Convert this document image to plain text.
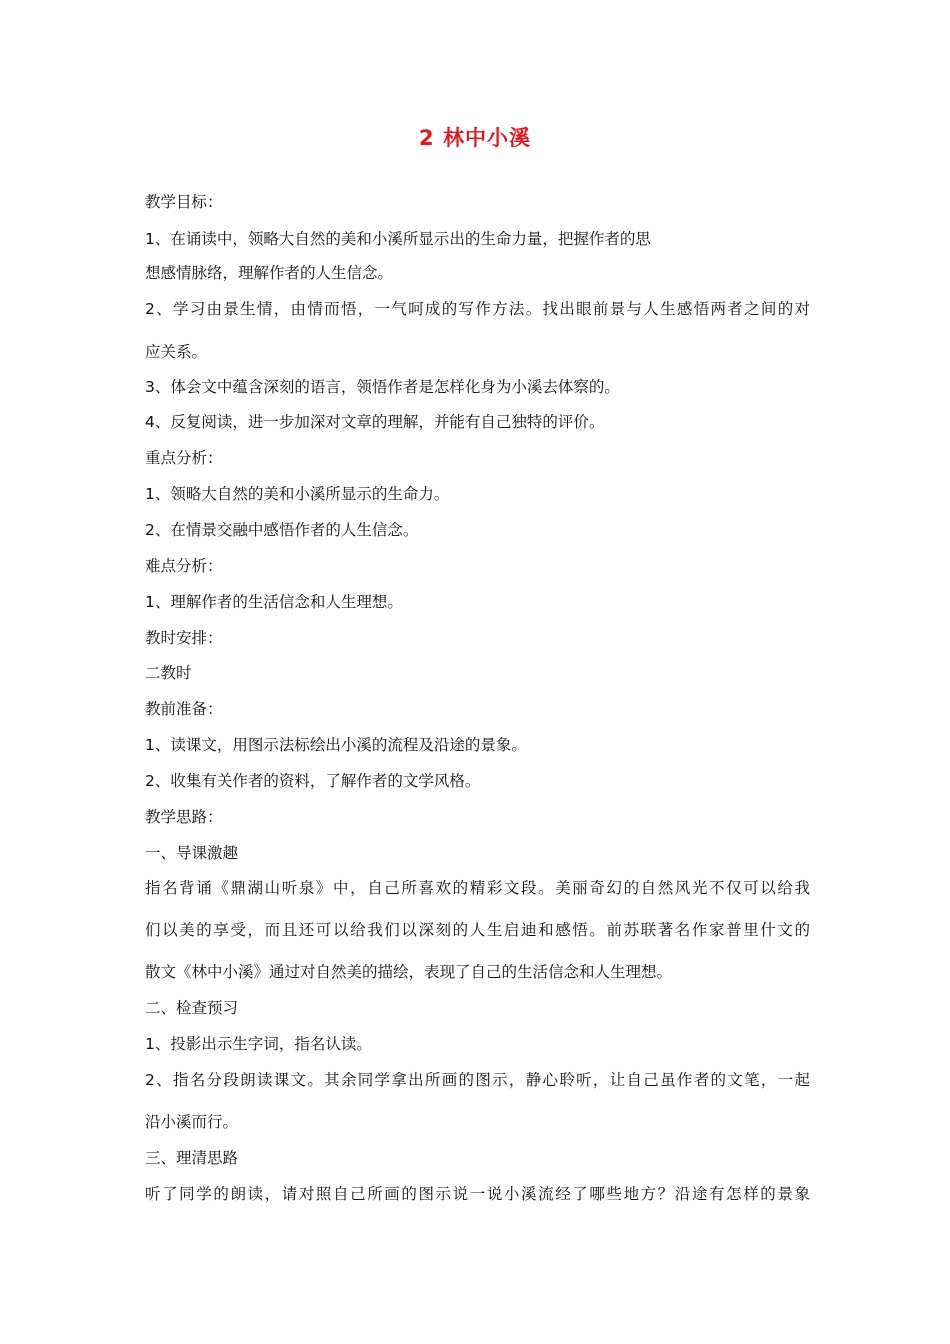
2 林中小溪
教学目标：
1、在诵读中，领略大自然的美和小溪所显示出的生命力量，把握作者的思
想感情脉络，理解作者的人生信念。
2、学习由景生情，由情而悟，一气呵成的写作方法。找出眼前景与人生感悟两者之间的对
应关系。
3、体会文中蕴含深刻的语言，领悟作者是怎样化身为小溪去体察的。
4、反复阅读，进一步加深对文章的理解，并能有自己独特的评价。
重点分析：
1、领略大自然的美和小溪所显示的生命力。
2、在情景交融中感悟作者的人生信念。
难点分析：
1、理解作者的生活信念和人生理想。
教时安排：
二教时
教前准备：
1、读课文，用图示法标绘出小溪的流程及沿途的景象。
2、收集有关作者的资料，了解作者的文学风格。
教学思路：
一、导课激趣
指名背诵《鼎湖山听泉》中，自己所喜欢的精彩文段。美丽奇幻的自然风光不仅可以给我
们以美的享受，而且还可以给我们以深刻的人生启迪和感悟。前苏联著名作家普里什文的
散文《林中小溪》通过对自然美的描绘，表现了自己的生活信念和人生理想。
二、检查预习
1、投影出示生字词，指名认读。
2、指名分段朗读课文。其余同学拿出所画的图示，静心聆听，让自己虽作者的文笔，一起
沿小溪而行。
三、理清思路
听了同学的朗读，请对照自己所画的图示说一说小溪流经了哪些地方？沿途有怎样的景象
